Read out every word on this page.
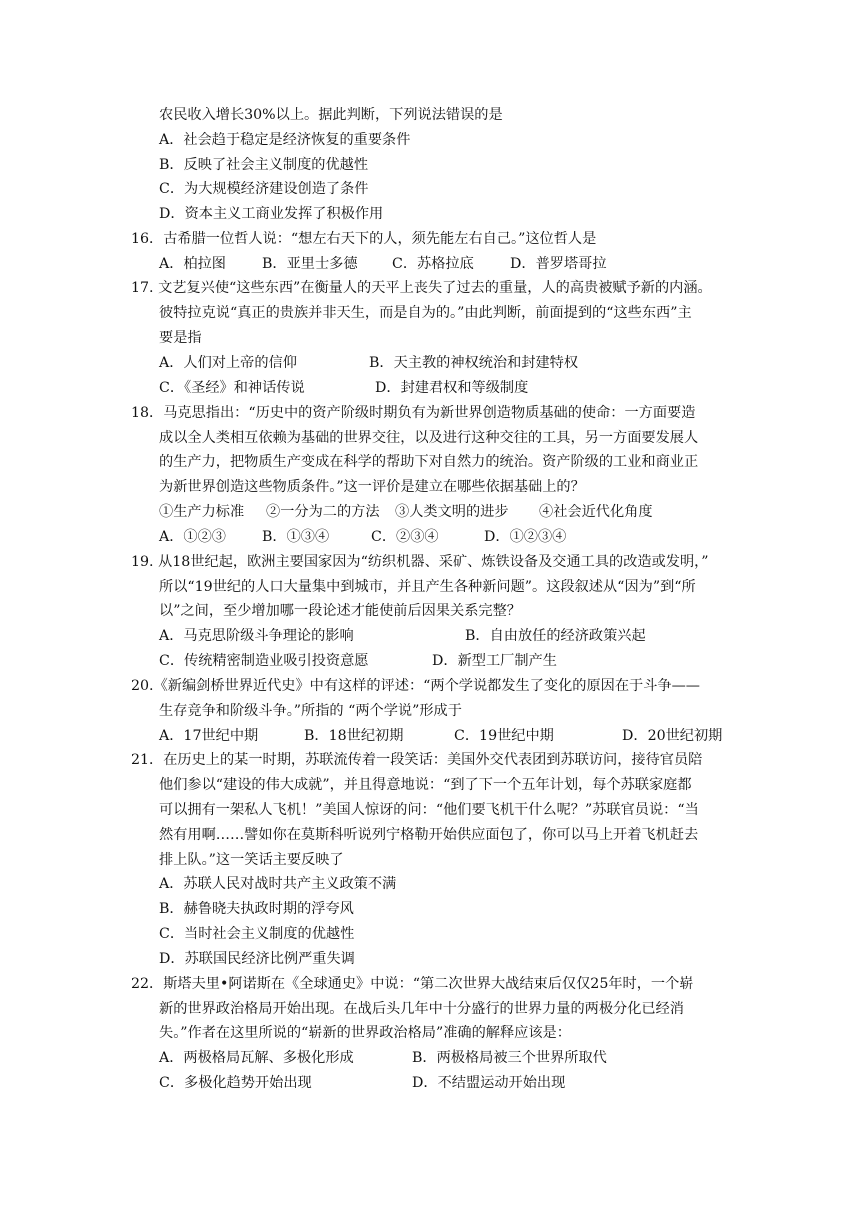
农民收入增长30%以上。据此判断，下列说法错误的是
A．社会趋于稳定是经济恢复的重要条件
B．反映了社会主义制度的优越性
C．为大规模经济建设创造了条件
D．资本主义工商业发挥了积极作用
16．古希腊一位哲人说：“想左右天下的人，须先能左右自己。”这位哲人是
A．柏拉图	B．亚里士多德 C．苏格拉底	D．普罗塔哥拉
17. 文艺复兴使“这些东西”在衡量人的天平上丧失了过去的重量，人的高贵被赋予新的内涵。
彼特拉克说“真正的贵族并非天生，而是自为的。”由此判断，前面提到的“这些东西”主
要是指
A．人们对上帝的信仰	B．天主教的神权统治和封建特权
C．《圣经》和神话传说	D．封建君权和等级制度
18．马克思指出：“历史中的资产阶级时期负有为新世界创造物质基础的使命：一方面要造
成以全人类相互依赖为基础的世界交往，以及进行这种交往的工具，另一方面要发展人
的生产力，把物质生产变成在科学的帮助下对自然力的统治。资产阶级的工业和商业正
为新世界创造这些物质条件。”这一评价是建立在哪些依据基础上的？
①生产力标准 ②一分为二的方法 ③人类文明的进步 ④社会近代化角度
A．①②③	B．①③④	C．②③④	D．①②③④
19. 从18世纪起，欧洲主要国家因为“纺织机器、采矿、炼铁设备及交通工具的改造或发明，”
所以“19世纪的人口大量集中到城市，并且产生各种新问题”。这段叙述从“因为”到“所
以”之间，至少增加哪一段论述才能使前后因果关系完整？
A．马克思阶级斗争理论的影响	B．自由放任的经济政策兴起
C．传统精密制造业吸引投资意愿	D．新型工厂制产生
20.《新编剑桥世界近代史》中有这样的评述：“两个学说都发生了变化的原因在于斗争——
生存竞争和阶级斗争。”所指的 “两个学说”形成于
A．17世纪中期	B．18世纪初期	C．19世纪中期	D．20世纪初期
21．在历史上的某一时期，苏联流传着一段笑话：美国外交代表团到苏联访问，接待官员陪
他们参以“建设的伟大成就”，并且得意地说：“到了下一个五年计划，每个苏联家庭都
可以拥有一架私人飞机！”美国人惊讶的问：“他们要飞机干什么呢？”苏联官员说：“当
然有用啊……譬如你在莫斯科听说列宁格勒开始供应面包了，你可以马上开着飞机赶去
排上队。”这一笑话主要反映了
A．苏联人民对战时共产主义政策不满
B．赫鲁晓夫执政时期的浮夸风
C．当时社会主义制度的优越性
D．苏联国民经济比例严重失调
22．斯塔夫里•阿诺斯在《全球通史》中说：“第二次世界大战结束后仅仅25年时，一个崭
新的世界政治格局开始出现。在战后头几年中十分盛行的世界力量的两极分化已经消
失。”作者在这里所说的“崭新的世界政治格局”准确的解释应该是：
A．两极格局瓦解、多极化形成	B．两极格局被三个世界所取代
C．多极化趋势开始出现	D．不结盟运动开始出现
